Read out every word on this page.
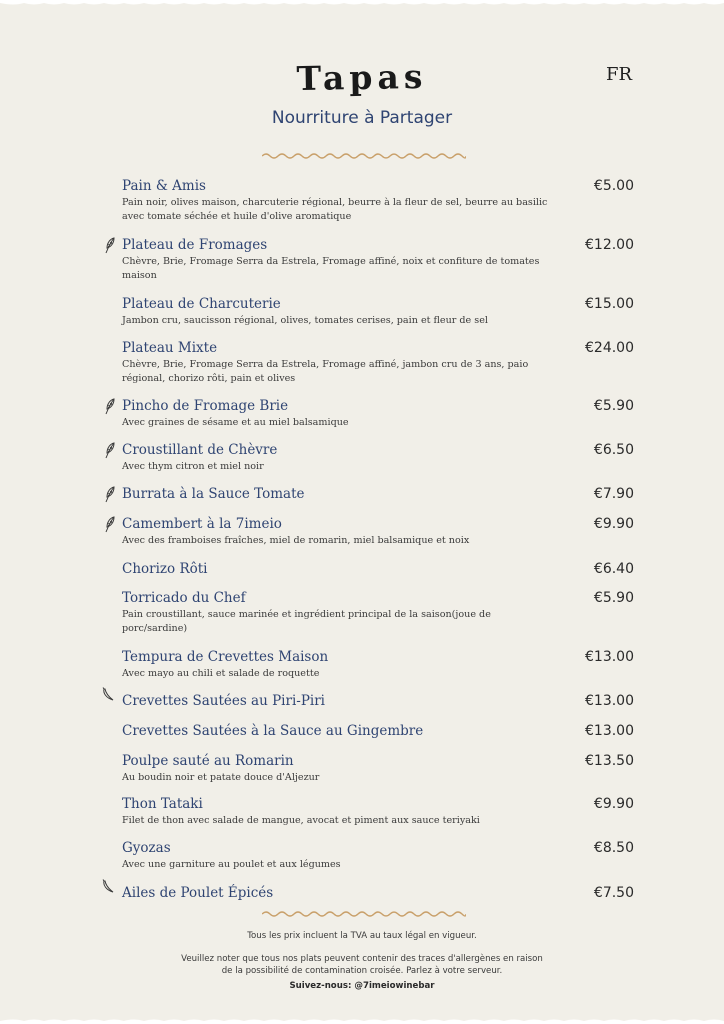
FR
Tapas
Nourriture à Partager
Pain & Amis	€5.00
Pain noir, olives maison, charcuterie régional, beurre à la fleur de sel, beurre au basilic avec tomate séchée et huile d'olive aromatique
Plateau de Fromages	€12.00
Chèvre, Brie, Fromage Serra da Estrela, Fromage affiné, noix et confiture de tomates maison
Plateau de Charcuterie	€15.00
Jambon cru, saucisson régional, olives, tomates cerises, pain et fleur de sel
Plateau Mixte	€24.00
Chèvre, Brie, Fromage Serra da Estrela, Fromage affiné, jambon cru de 3 ans, paio régional, chorizo rôti, pain et olives
Pincho de Fromage Brie	€5.90
Avec graines de sésame et au miel balsamique
Croustillant de Chèvre	€6.50
Avec thym citron et miel noir
Burrata à la Sauce Tomate	€7.90
Camembert à la 7imeio	€9.90
Avec des framboises fraîches, miel de romarin, miel balsamique et noix
Chorizo Rôti	€6.40
Torricado du Chef	€5.90
Pain croustillant, sauce marinée et ingrédient principal de la saison(joue de porc/sardine)
Tempura de Crevettes Maison	€13.00
Avec mayo au chili et salade de roquette
Crevettes Sautées au Piri-Piri	€13.00
Crevettes Sautées à la Sauce au Gingembre	€13.00
Poulpe sauté au Romarin	€13.50
Au boudin noir et patate douce d'Aljezur
Thon Tataki	€9.90
Filet de thon avec salade de mangue, avocat et piment aux sauce teriyaki
Gyozas	€8.50
Avec une garniture au poulet et aux légumes
Ailes de Poulet Épicés	€7.50
Tous les prix incluent la TVA au taux légal en vigueur.
Veuillez noter que tous nos plats peuvent contenir des traces d'allergènes en raison
de la possibilité de contamination croisée. Parlez à votre serveur.
Suivez-nous: @7imeiowinebar
